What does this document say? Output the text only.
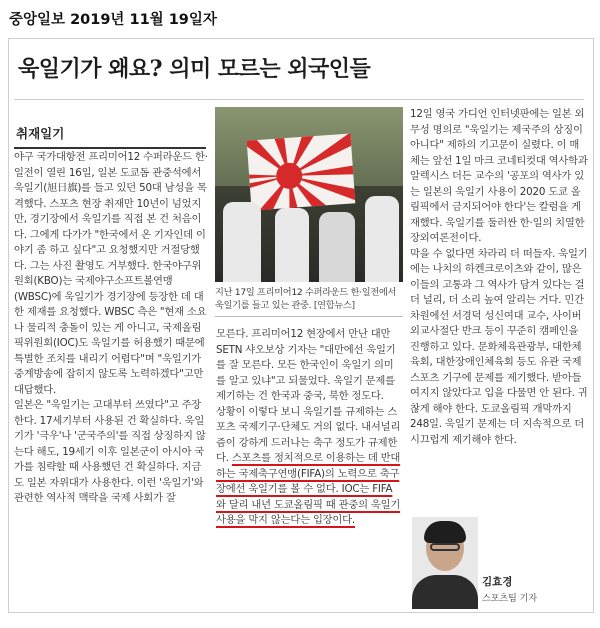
중앙일보 2019년 11월 19일자
욱일기가 왜요? 의미 모르는 외국인들
취재일기

야구 국가대항전 프리미어12 수퍼라운드 한·일전이 열린 16일, 일본 도쿄돔 관중석에서 욱일기(旭日旗)를 들고 있던 50대 남성을 목격했다. 스포츠 현장 취재만 10년이 넘었지만, 경기장에서 욱일기를 직접 본 건 처음이다. 그에게 다가가 "한국에서 온 기자인데 이야기 좀 하고 싶다"고 요청했지만 거절당했다. 그는 사진 촬영도 거부했다. 한국야구위원회(KBO)는 국제야구소프트볼연맹(WBSC)에 욱일기가 경기장에 등장한 데 대한 제재를 요청했다. WBSC 측은 "현재 소요나 물리적 충돌이 있는 게 아니고, 국제올림픽위원회(IOC)도 욱일기를 허용했기 때문에 특별한 조치를 내리기 어렵다"며 "욱일기가 중계방송에 잡히지 않도록 노력하겠다"고만 대답했다.

일본은 "욱일기는 고대부터 쓰였다"고 주장한다. 17세기부터 사용된 건 확실하다. 욱일기가 '극우'나 '군국주의'를 직접 상징하지 않는다 해도, 19세기 이후 일본군이 아시아 국가를 침략할 때 사용했던 건 확실하다. 지금도 일본 자위대가 사용한다. 이런 '욱일기'와 관련한 역사적 맥락을 국제 사회가 잘

지난 17일 프리미어12 수퍼라운드 한·일전에서 욱일기를 들고 있는 관중. [연합뉴스]

모른다. 프리미어12 현장에서 만난 대만 SETN 샤오보상 기자는 "대만에선 욱일기를 잘 모른다. 모든 한국인이 욱일기 의미를 알고 있냐"고 되물었다. 욱일기 문제를 제기하는 건 한국과 중국, 북한 정도다.

상황이 이렇다 보니 욱일기를 규제하는 스포츠 국제기구·단체도 거의 없다. 내셔널리즘이 강하게 드러나는 축구 정도가 규제한다. 스포츠를 정치적으로 이용하는 데 반대하는 국제축구연맹(FIFA)의 노력으로 축구장에선 욱일기를 볼 수 없다. IOC는 FIFA와 달리 내년 도쿄올림픽 때 관중의 욱일기 사용을 막지 않는다는 입장이다.

12일 영국 가디언 인터넷판에는 일본 외무성 명의로 "욱일기는 제국주의 상징이 아니다" 제하의 기고문이 실렸다. 이 매체는 앞선 1일 마크 코네티컷대 역사학과 알렉시스 더든 교수의 '공포의 역사가 있는 일본의 욱일기 사용이 2020 도쿄 올림픽에서 금지되어야 한다'는 칼럼을 게재했다. 욱일기를 둘러싼 한·일의 치열한 장외여론전이다.

막을 수 없다면 차라리 더 떠들자. 욱일기에는 나치의 하켄크로이츠와 같이, 많은 이들의 고통과 그 역사가 담겨 있다는 걸 더 널리, 더 소리 높여 알리는 거다. 민간 차원에선 서경덕 성신여대 교수, 사이버 외교사절단 반크 등이 꾸준히 캠페인을 진행하고 있다. 문화체육관광부, 대한체육회, 대한장애인체육회 등도 유관 국제 스포츠 기구에 문제를 제기했다. 받아들여지지 않았다고 입을 다물면 안 된다. 귀찮게 해야 한다. 도쿄올림픽 개막까지 248일. 욱일기 문제는 더 지속적으로 더 시끄럽게 제기해야 한다.

김효경
스포츠팀 기자
